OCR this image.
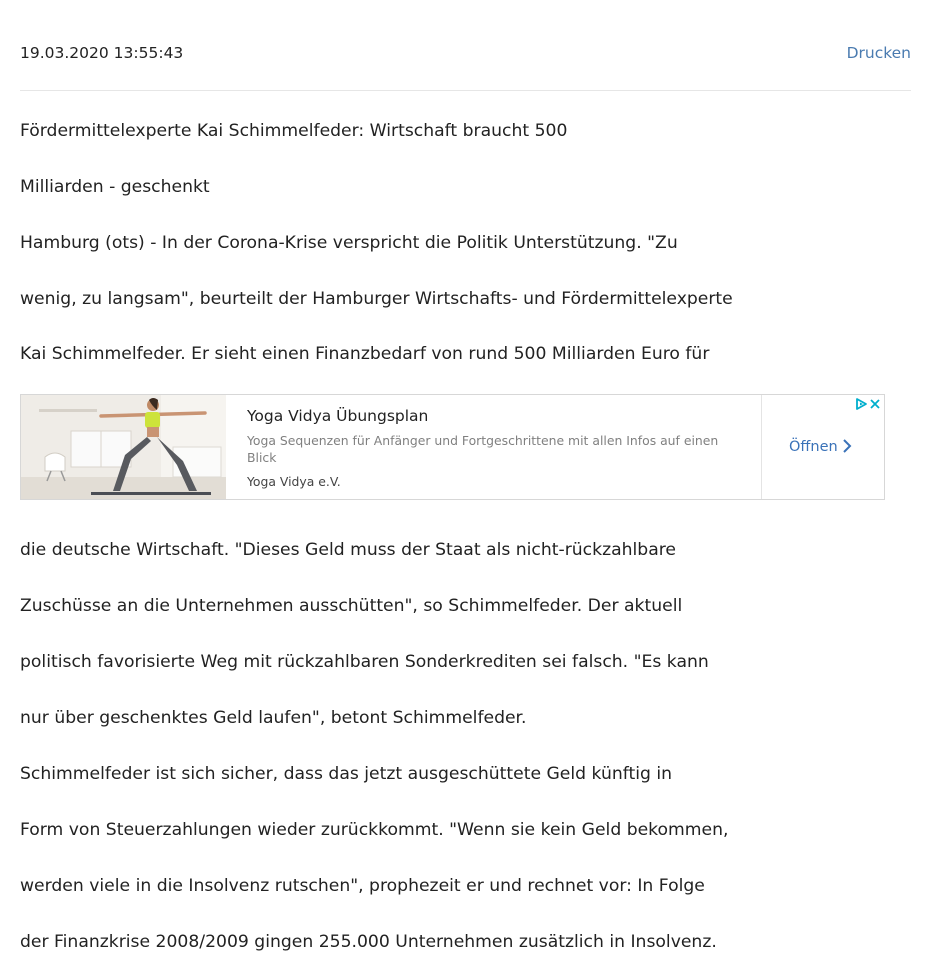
19.03.2020 13:55:43	Drucken
Fördermittelexperte Kai Schimmelfeder: Wirtschaft braucht 500
Milliarden - geschenkt
Hamburg (ots) - In der Corona-Krise verspricht die Politik Unterstützung. "Zu
wenig, zu langsam", beurteilt der Hamburger Wirtschafts- und Fördermittelexperte
Kai Schimmelfeder. Er sieht einen Finanzbedarf von rund 500 Milliarden Euro für
Yoga Vidya Übungsplan
Yoga Sequenzen für Anfänger und Fortgeschrittene mit allen Infos auf einen Blick
Yoga Vidya e.V.
Öffnen
die deutsche Wirtschaft. "Dieses Geld muss der Staat als nicht-rückzahlbare
Zuschüsse an die Unternehmen ausschütten", so Schimmelfeder. Der aktuell
politisch favorisierte Weg mit rückzahlbaren Sonderkrediten sei falsch. "Es kann
nur über geschenktes Geld laufen", betont Schimmelfeder.
Schimmelfeder ist sich sicher, dass das jetzt ausgeschüttete Geld künftig in
Form von Steuerzahlungen wieder zurückkommt. "Wenn sie kein Geld bekommen,
werden viele in die Insolvenz rutschen", prophezeit er und rechnet vor: In Folge
der Finanzkrise 2008/2009 gingen 255.000 Unternehmen zusätzlich in Insolvenz.
